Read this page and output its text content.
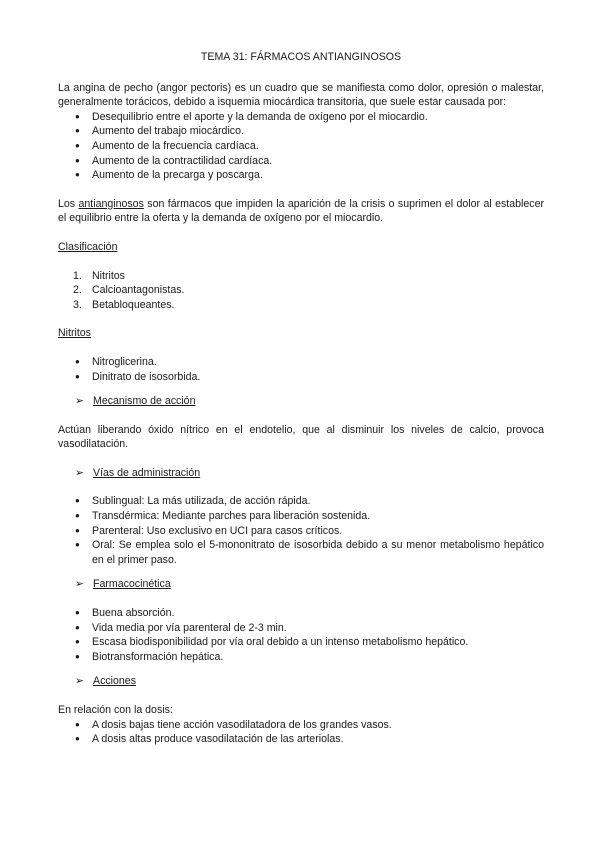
TEMA 31: FÁRMACOS ANTIANGINOSOS

La angina de pecho (angor pectoris) es un cuadro que se manifiesta como dolor, opresión o malestar, generalmente torácicos, debido a isquemia miocárdica transitoria, que suele estar causada por:

● Desequilibrio entre el aporte y la demanda de oxígeno por el miocardio.
● Aumento del trabajo miocárdico.
● Aumento de la frecuencia cardíaca.
● Aumento de la contractilidad cardíaca.
● Aumento de la precarga y poscarga.

Los antianginosos son fármacos que impiden la aparición de la crisis o suprimen el dolor al establecer el equilibrio entre la oferta y la demanda de oxígeno por el miocardio.

Clasificación

1. Nitritos
2. Calcioantagonistas.
3. Betabloqueantes.

Nitritos

● Nitroglicerina.
● Dinitrato de isosorbida.

➢ Mecanismo de acción

Actúan liberando óxido nítrico en el endotelio, que al disminuir los niveles de calcio, provoca vasodilatación.

➢ Vías de administración

● Sublingual: La más utilizada, de acción rápida.
● Transdérmica: Mediante parches para liberación sostenida.
● Parenteral: Uso exclusivo en UCI para casos críticos.
● Oral: Se emplea solo el 5-mononitrato de isosorbida debido a su menor metabolismo hepático en el primer paso.

➢ Farmacocinética

● Buena absorción.
● Vida media por vía parenteral de 2-3 min.
● Escasa biodisponibilidad por vía oral debido a un intenso metabolismo hepático.
● Biotransformación hepática.

➢ Acciones

En relación con la dosis:

● A dosis bajas tiene acción vasodilatadora de los grandes vasos.
● A dosis altas produce vasodilatación de las arteriolas.
